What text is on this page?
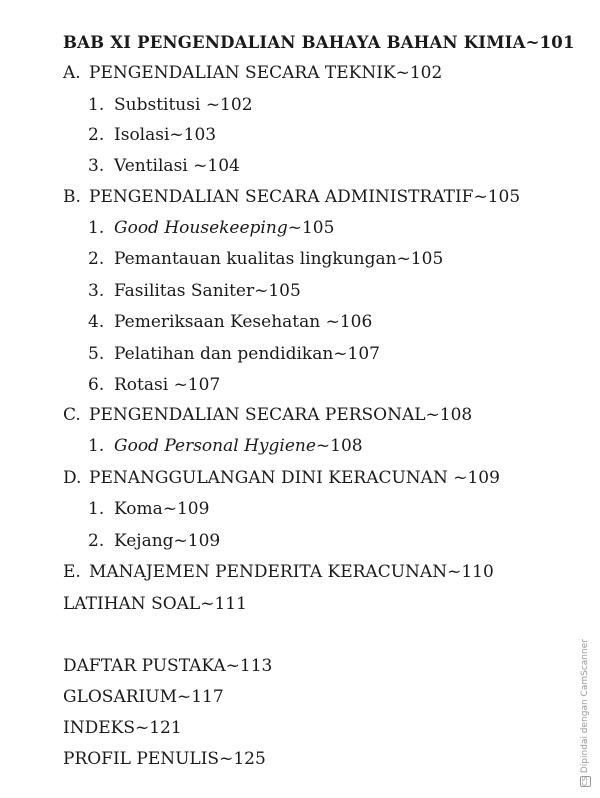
BAB XI PENGENDALIAN BAHAYA BAHAN KIMIA~101
A. PENGENDALIAN SECARA TEKNIK~102
1. Substitusi ~102
2. Isolasi~103
3. Ventilasi ~104
B. PENGENDALIAN SECARA ADMINISTRATIF~105
1. Good Housekeeping~105
2. Pemantauan kualitas lingkungan~105
3. Fasilitas Saniter~105
4. Pemeriksaan Kesehatan ~106
5. Pelatihan dan pendidikan~107
6. Rotasi ~107
C. PENGENDALIAN SECARA PERSONAL~108
1. Good Personal Hygiene~108
D. PENANGGULANGAN DINI KERACUNAN ~109
1. Koma~109
2. Kejang~109
E. MANAJEMEN PENDERITA KERACUNAN~110
LATIHAN SOAL~111
DAFTAR PUSTAKA~113
GLOSARIUM~117
INDEKS~121
PROFIL PENULIS~125
CS Dipindai dengan CamScanner
